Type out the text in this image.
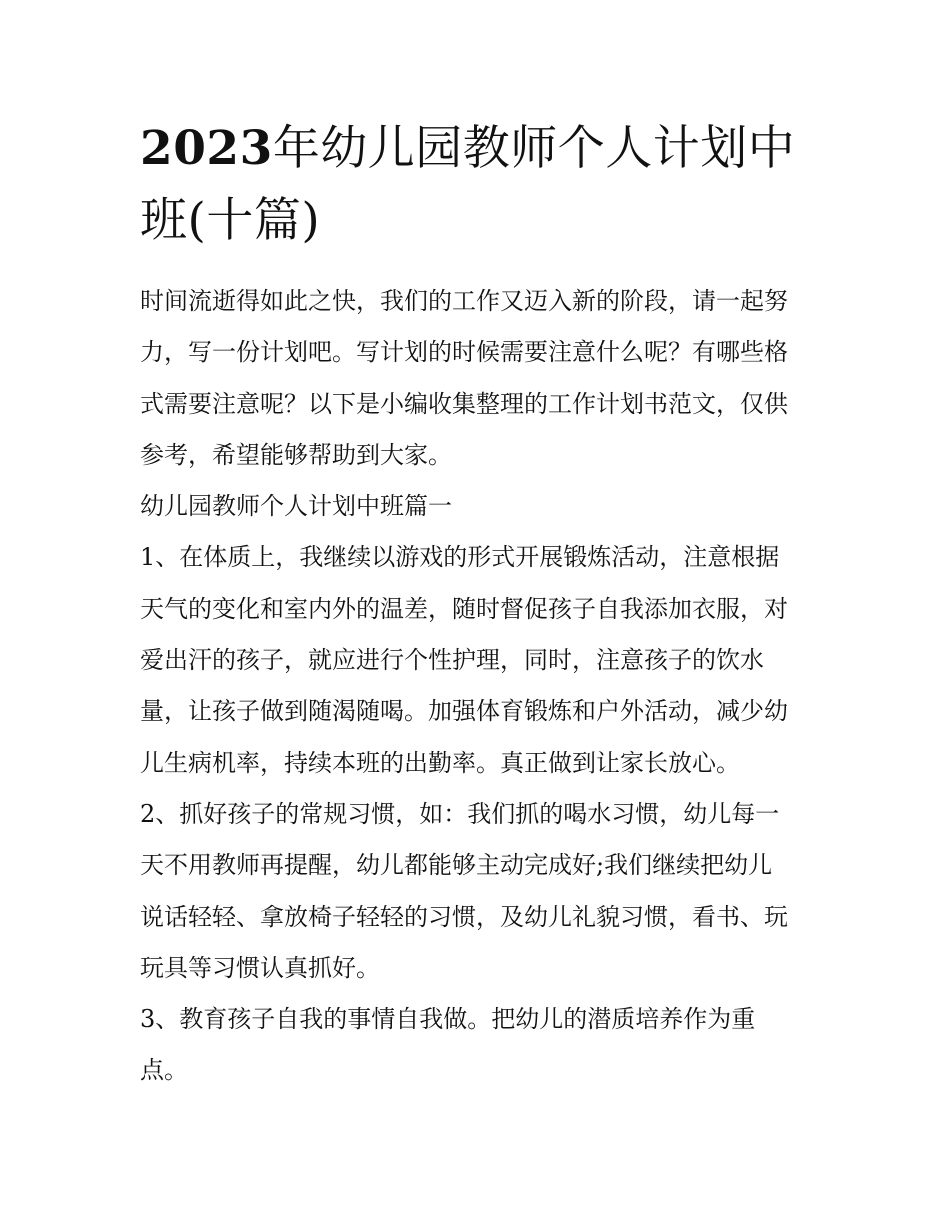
2023年幼儿园教师个人计划中
班(十篇)
时间流逝得如此之快，我们的工作又迈入新的阶段，请一起努
力，写一份计划吧。写计划的时候需要注意什么呢？有哪些格
式需要注意呢？以下是小编收集整理的工作计划书范文，仅供
参考，希望能够帮助到大家。
幼儿园教师个人计划中班篇一
1、在体质上，我继续以游戏的形式开展锻炼活动，注意根据
天气的变化和室内外的温差，随时督促孩子自我添加衣服，对
爱出汗的孩子，就应进行个性护理，同时，注意孩子的饮水
量，让孩子做到随渴随喝。加强体育锻炼和户外活动，减少幼
儿生病机率，持续本班的出勤率。真正做到让家长放心。
2、抓好孩子的常规习惯，如：我们抓的喝水习惯，幼儿每一
天不用教师再提醒，幼儿都能够主动完成好;我们继续把幼儿
说话轻轻、拿放椅子轻轻的习惯，及幼儿礼貌习惯，看书、玩
玩具等习惯认真抓好。
3、教育孩子自我的事情自我做。把幼儿的潜质培养作为重
点。
